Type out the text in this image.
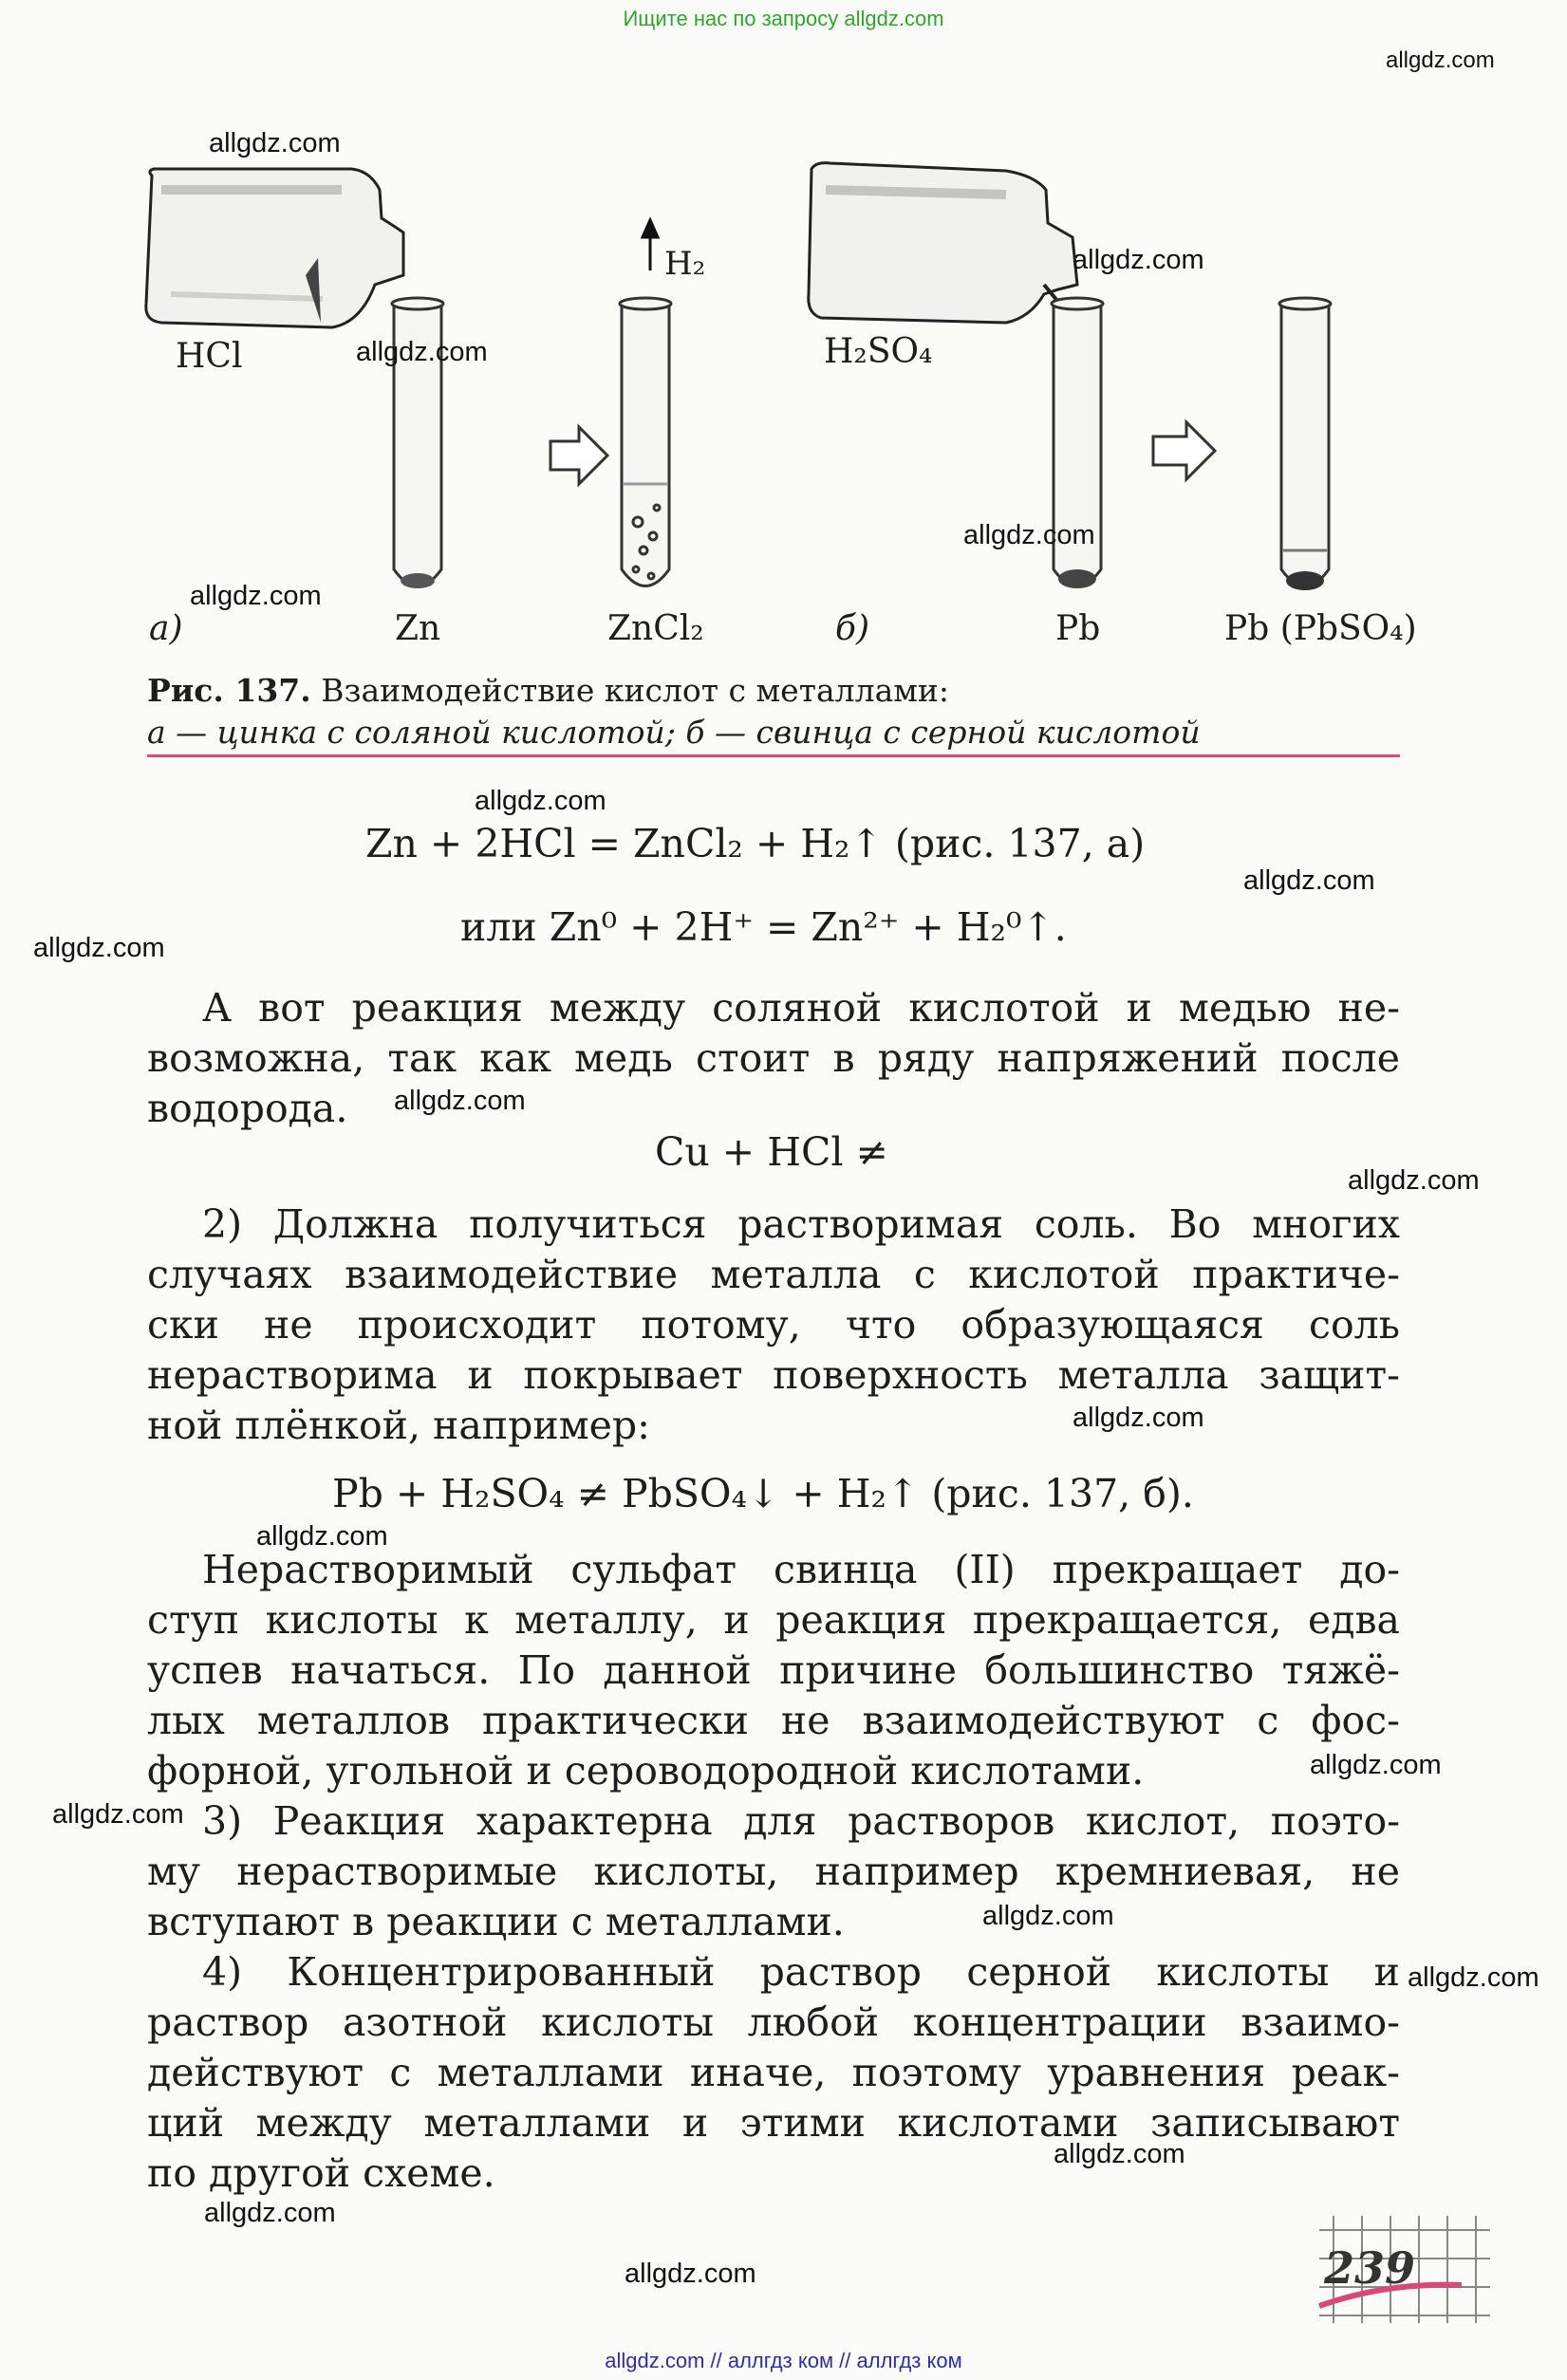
Ищите нас по запросу allgdz.com
H₂
HCl	H₂SO₄
а)	Zn	ZnCl₂	б)	Pb	Pb (PbSO₄)
Рис. 137. Взаимодействие кислот с металлами:
а — цинка с соляной кислотой; б — свинца с серной кислотой
Zn + 2HCl = ZnCl₂ + H₂↑ (рис. 137, а)
или Zn⁰ + 2H⁺ = Zn²⁺ + H₂⁰↑.
А вот реакция между соляной кислотой и медью не-
возможна, так как медь стоит в ряду напряжений после
водорода.
Cu + HCl ≠
2) Должна получиться растворимая соль. Во многих
случаях взаимодействие металла с кислотой практиче-
ски не происходит потому, что образующаяся соль
нерастворима и покрывает поверхность металла защит-
ной плёнкой, например:
Pb + H₂SO₄ ≠ PbSO₄↓ + H₂↑ (рис. 137, б).
Нерастворимый сульфат свинца (II) прекращает до-
ступ кислоты к металлу, и реакция прекращается, едва
успев начаться. По данной причине большинство тяжё-
лых металлов практически не взаимодействуют с фос-
форной, угольной и сероводородной кислотами.
3) Реакция характерна для растворов кислот, поэто-
му нерастворимые кислоты, например кремниевая, не
вступают в реакции с металлами.
4) Концентрированный раствор серной кислоты и
раствор азотной кислоты любой концентрации взаимо-
действуют с металлами иначе, поэтому уравнения реак-
ций между металлами и этими кислотами записывают
по другой схеме.
239
allgdz.com
allgdz.com
allgdz.com
allgdz.com
allgdz.com
allgdz.com
allgdz.com
allgdz.com
allgdz.com
allgdz.com
allgdz.com
allgdz.com
allgdz.com
allgdz.com
allgdz.com
allgdz.com
allgdz.com
allgdz.com
allgdz.com
allgdz.com
allgdz.com // аллгдз ком // аллгдз ком
